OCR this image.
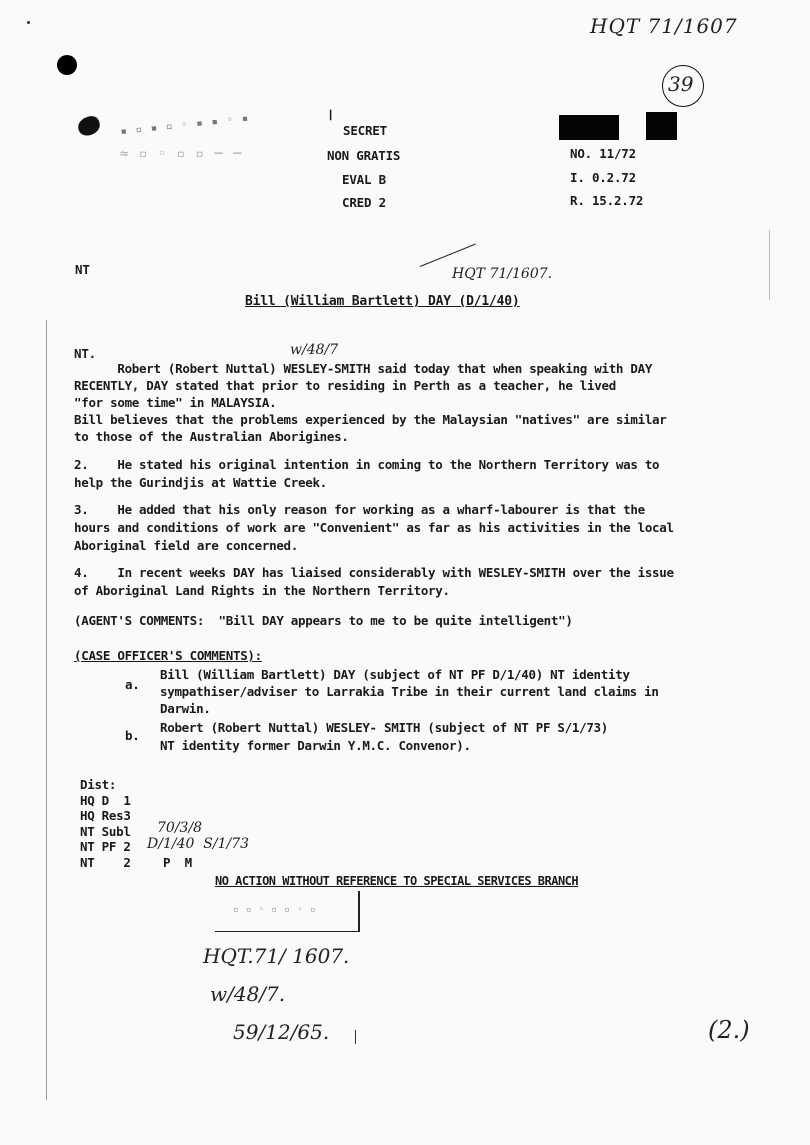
HQT 71/1607
39
▪ ▫ ▪ ▫ ◦ ▪ ▪ ◦ ▪
≈ ▫ ◦ ▫ ▫ ─ ─
ꟾ
SECRET
NON GRATIS
EVAL B
CRED 2
NO. 11/72
I. 0.2.72
R. 15.2.72
NT	HQT 71/1607.
Bill (William Bartlett) DAY (D/1/40)
NT.	w/48/7
Robert (Robert Nuttal) WESLEY-SMITH said today that when speaking with DAY
RECENTLY, DAY stated that prior to residing in Perth as a teacher, he lived
"for some time" in MALAYSIA.
Bill believes that the problems experienced by the Malaysian "natives" are similar
to those of the Australian Aborigines.
2.    He stated his original intention in coming to the Northern Territory was to
help the Gurindjis at Wattie Creek.
3.    He added that his only reason for working as a wharf-labourer is that the
hours and conditions of work are "Convenient" as far as his activities in the local
Aboriginal field are concerned.
4.    In recent weeks DAY has liaised considerably with WESLEY-SMITH over the issue
of Aboriginal Land Rights in the Northern Territory.
(AGENT'S COMMENTS:  "Bill DAY appears to me to be quite intelligent")
(CASE OFFICER'S COMMENTS):
a.
Bill (William Bartlett) DAY (subject of NT PF D/1/40) NT identity
sympathiser/adviser to Larrakia Tribe in their current land claims in
Darwin.
b.
Robert (Robert Nuttal) WESLEY- SMITH (subject of NT PF S/1/73)
NT identity former Darwin Y.M.C. Convenor).
Dist:
HQ D  1
HQ Res3
NT Subl
NT PF 2
NT    2
70/3/8
D/1/40  S/1/73
P  M
NO ACTION WITHOUT REFERENCE TO SPECIAL SERVICES BRANCH
▫ ▫ ◦ ▫ ▫ ◦ ▫
HQT.71/ 1607.
w/48/7.
59/12/65.	(2.)
